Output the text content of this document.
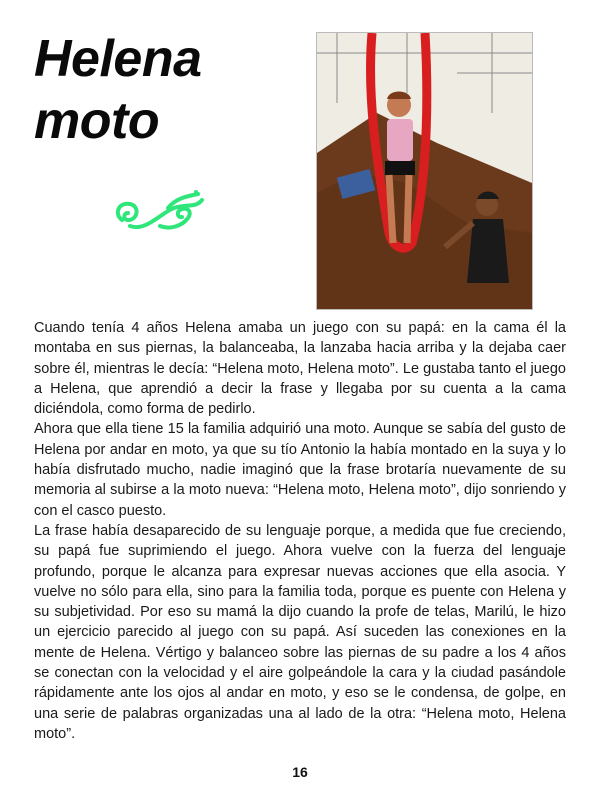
Helena
moto

Cuando tenía 4 años Helena amaba un juego con su papá: en la cama él la montaba en sus piernas, la balanceaba, la lanzaba hacia arriba y la dejaba caer sobre él, mientras le decía: “Helena moto, Helena moto”. Le gustaba tanto el juego a Helena, que aprendió a decir la frase y llegaba por su cuenta a la cama diciéndola, como forma de pedirlo.

Ahora que ella tiene 15 la familia adquirió una moto. Aunque se sabía del gusto de Helena por andar en moto, ya que su tío Antonio la había montado en la suya y lo había disfrutado mucho, nadie imaginó que la frase brotaría nuevamente de su memoria al subirse a la moto nueva: “Helena moto, Helena moto”, dijo sonriendo y con el casco puesto.

La frase había desaparecido de su lenguaje porque, a medida que fue creciendo, su papá fue suprimiendo el juego. Ahora vuelve con la fuerza del lenguaje profundo, porque le alcanza para expresar nuevas acciones que ella asocia. Y vuelve no sólo para ella, sino para la familia toda, porque es puente con Helena y su subjetividad. Por eso su mamá la dijo cuando la profe de telas, Marilú, le hizo un ejercicio parecido al juego con su papá. Así suceden las conexiones en la mente de Helena. Vértigo y balanceo sobre las piernas de su padre a los 4 años se conectan con la velocidad y el aire golpeándole la cara y la ciudad pasándole rápidamente ante los ojos al andar en moto, y eso se le condensa, de golpe, en una serie de palabras organizadas una al lado de la otra: “Helena moto, Helena moto”.

16
